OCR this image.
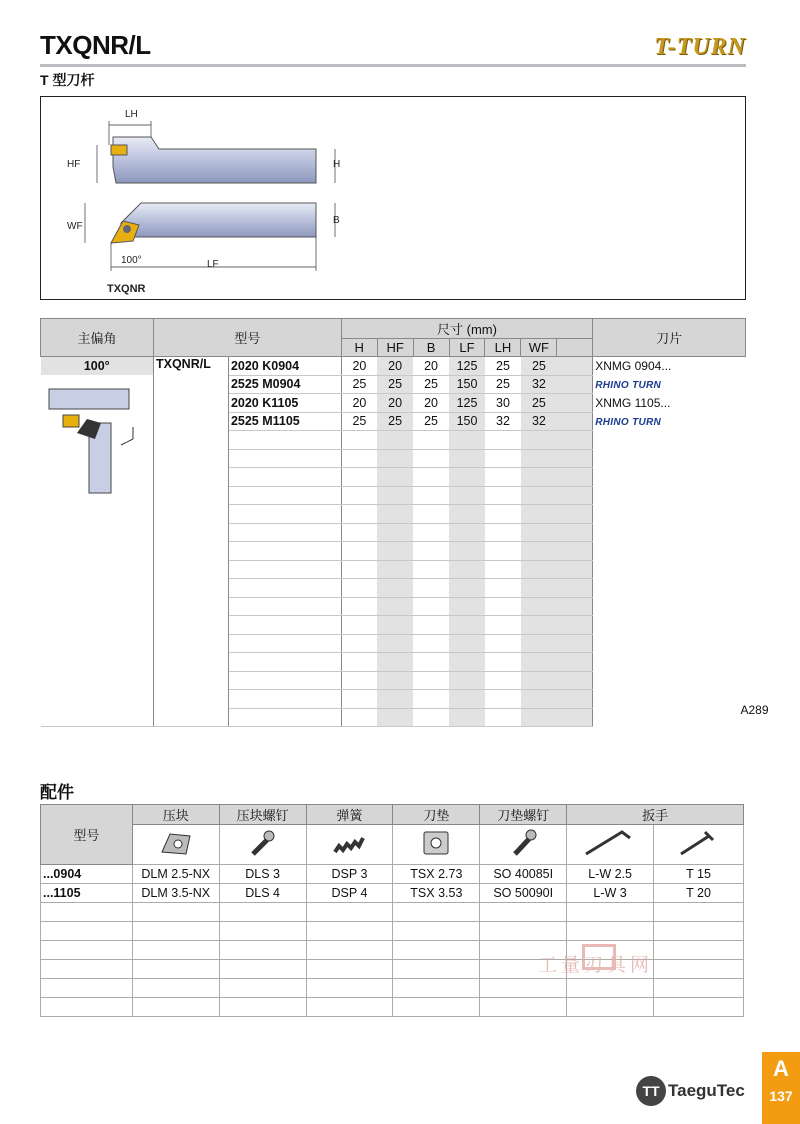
TXQNR/L
T 型刀杆
T-TURN
LH
HF	H
WF
B
100°	LF
TXQNR
主偏角	型号		尺寸 (mm)							刀片
			H	HF	B	LF	LH	WF		

100°	TXQNR/L	2020 K0904	20	20	20	125	25	25		XNMG 0904...
		2525 M0904	25	25	25	150	25	32		RHINO TURN
A289

		2020 K1105	20	20	20	125	30	25		XNMG 1105...
		2525 M1105	25	25	25	150	32	32		RHINO TURN

配件
型号	压块	压块螺钉	弹簧	刀垫	刀垫螺钉	扳手	

...0904	DLM 2.5-NX	DLS 3	DSP 3	TSX 2.73	SO 40085I	L-W 2.5	T 15
...1105	DLM 3.5-NX	DLS 4	DSP 4	TSX 3.53	SO 50090I	L-W 3	T 20

工量刃具网
TT TaeguTec
A
137
